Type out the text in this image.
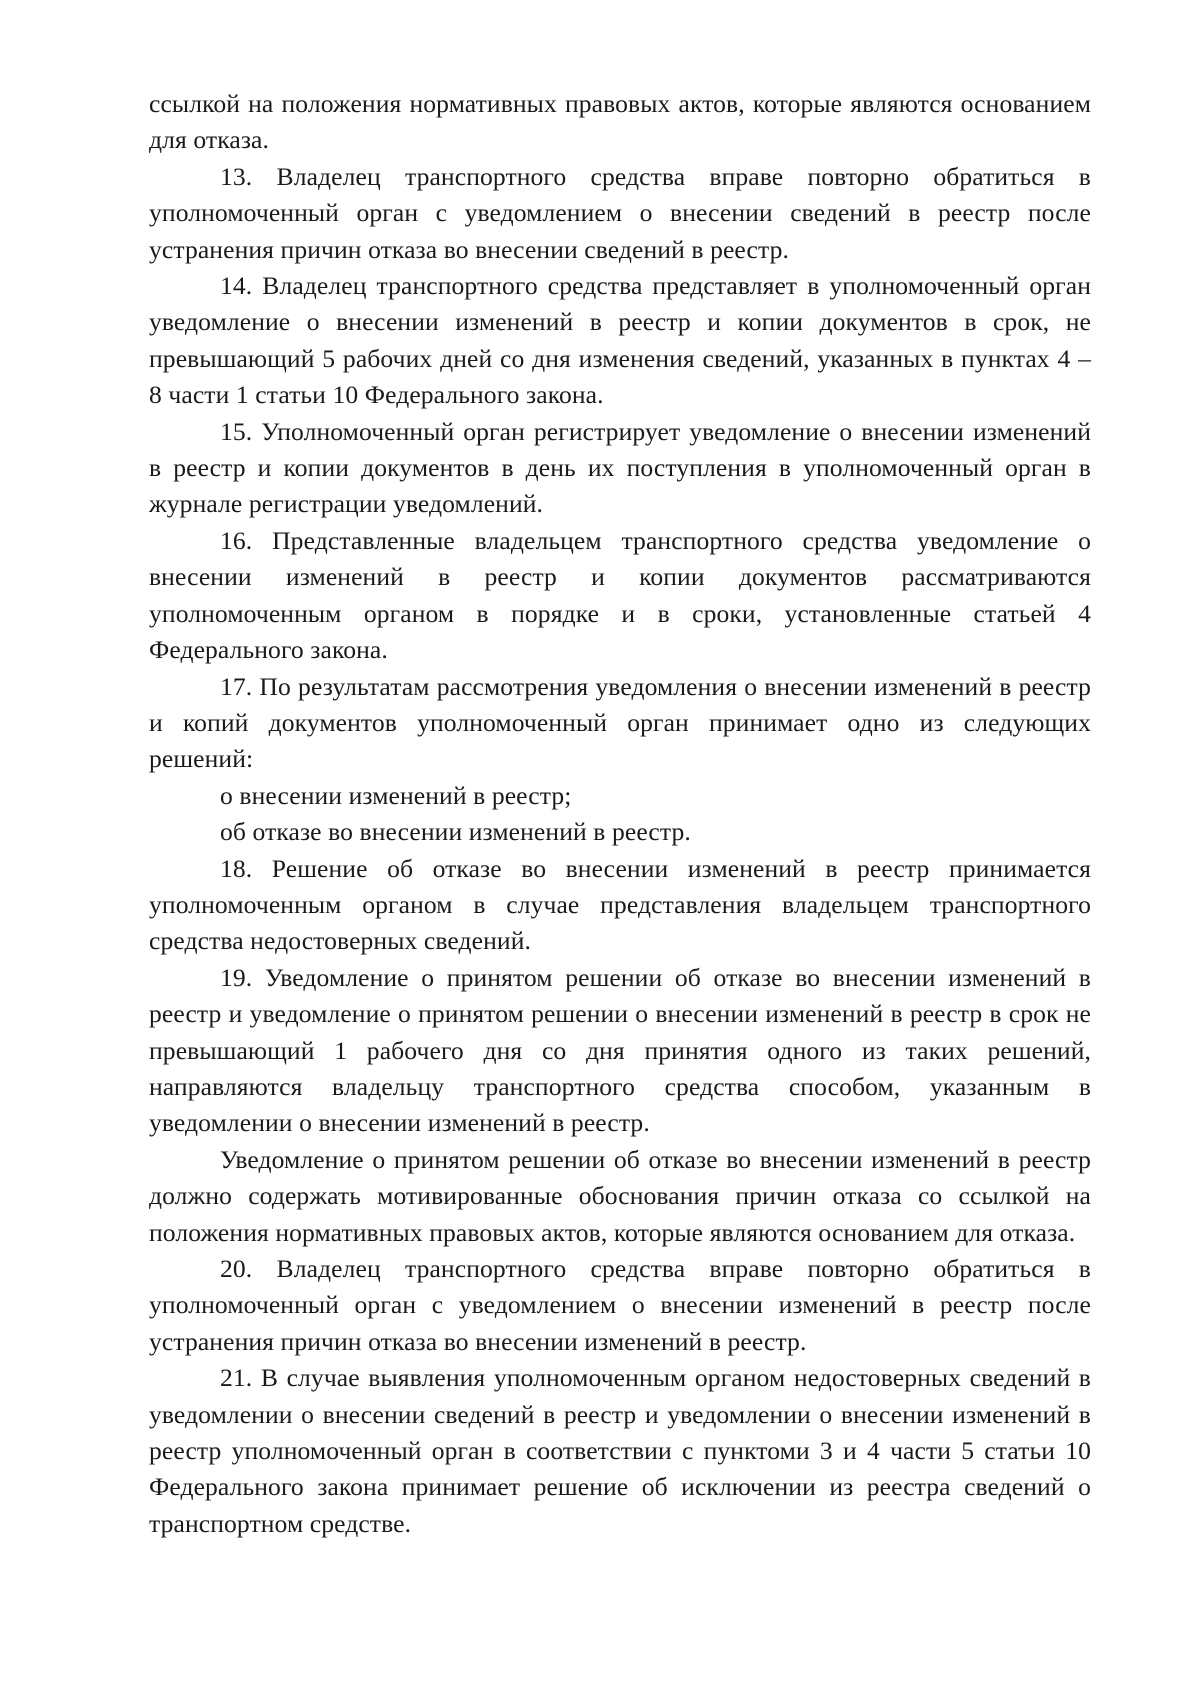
ссылкой на положения нормативных правовых актов, которые являются основанием для отказа.

13. Владелец транспортного средства вправе повторно обратиться в уполномоченный орган с уведомлением о внесении сведений в реестр после устранения причин отказа во внесении сведений в реестр.

14. Владелец транспортного средства представляет в уполномоченный орган уведомление о внесении изменений в реестр и копии документов в срок, не превышающий 5 рабочих дней со дня изменения сведений, указанных в пунктах 4 – 8 части 1 статьи 10 Федерального закона.

15. Уполномоченный орган регистрирует уведомление о внесении изменений в реестр и копии документов в день их поступления в уполномоченный орган в журнале регистрации уведомлений.

16. Представленные владельцем транспортного средства уведомление о внесении изменений в реестр и копии документов рассматриваются уполномоченным органом в порядке и в сроки, установленные статьей 4 Федерального закона.

17. По результатам рассмотрения уведомления о внесении изменений в реестр и копий документов уполномоченный орган принимает одно из следующих решений:

о внесении изменений в реестр;

об отказе во внесении изменений в реестр.

18. Решение об отказе во внесении изменений в реестр принимается уполномоченным органом в случае представления владельцем транспортного средства недостоверных сведений.

19. Уведомление о принятом решении об отказе во внесении изменений в реестр и уведомление о принятом решении о внесении изменений в реестр в срок не превышающий 1 рабочего дня со дня принятия одного из таких решений, направляются владельцу транспортного средства способом, указанным в уведомлении о внесении изменений в реестр.

Уведомление о принятом решении об отказе во внесении изменений в реестр должно содержать мотивированные обоснования причин отказа со ссылкой на положения нормативных правовых актов, которые являются основанием для отказа.

20. Владелец транспортного средства вправе повторно обратиться в уполномоченный орган с уведомлением о внесении изменений в реестр после устранения причин отказа во внесении изменений в реестр.

21. В случае выявления уполномоченным органом недостоверных сведений в уведомлении о внесении сведений в реестр и уведомлении о внесении изменений в реестр уполномоченный орган в соответствии с пунктоми 3 и 4 части 5 статьи 10 Федерального закона принимает решение об исключении из реестра сведений о транспортном средстве.
